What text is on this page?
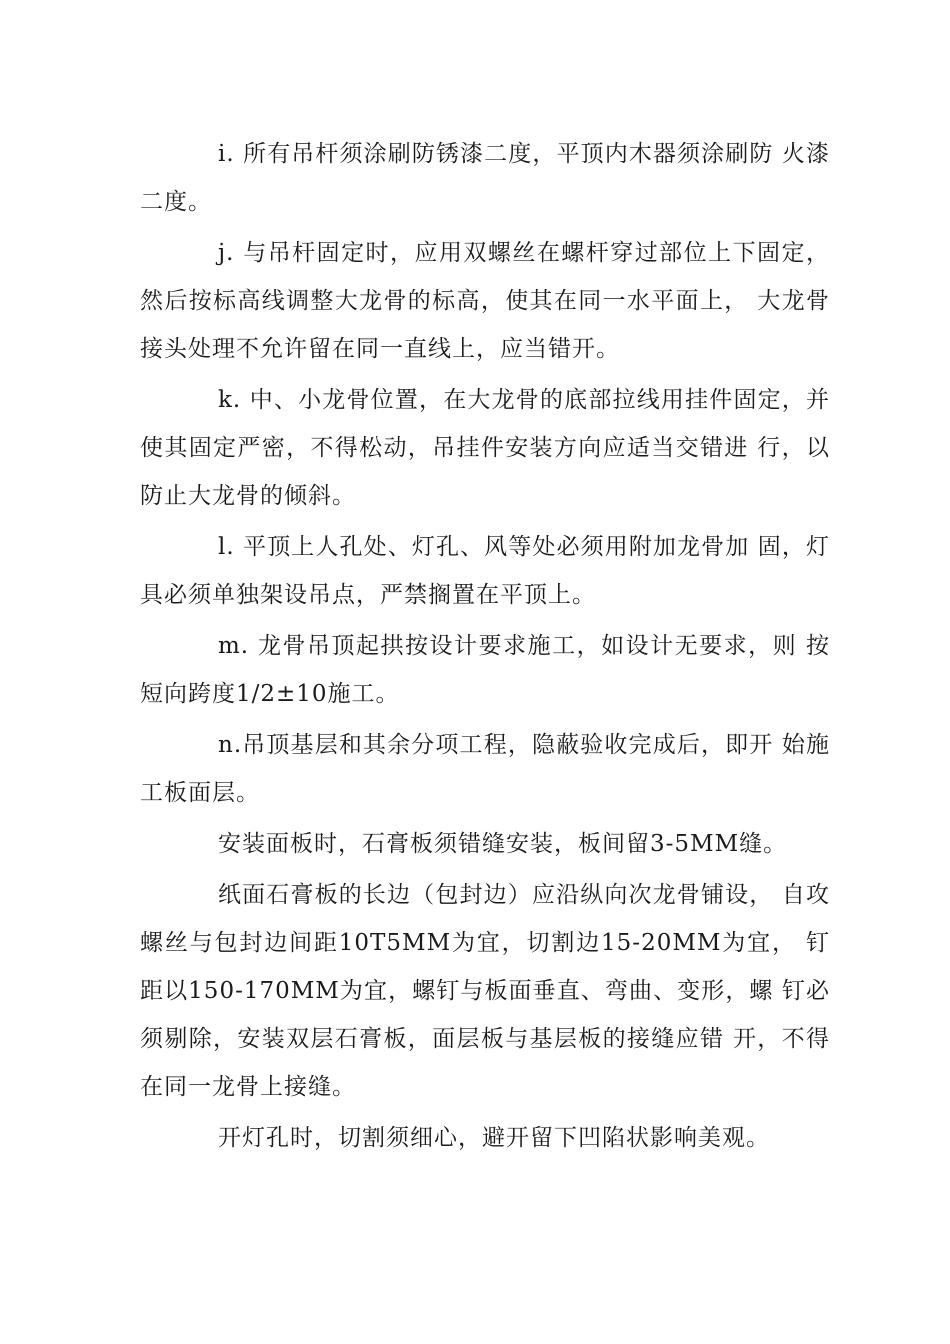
i. 所有吊杆须涂刷防锈漆二度，平顶内木器须涂刷防 火漆二度。

j. 与吊杆固定时，应用双螺丝在螺杆穿过部位上下固定，然后按标高线调整大龙骨的标高，使其在同一水平面上， 大龙骨接头处理不允许留在同一直线上，应当错开。

k. 中、小龙骨位置，在大龙骨的底部拉线用挂件固定，并使其固定严密，不得松动，吊挂件安装方向应适当交错进 行，以防止大龙骨的倾斜。

l. 平顶上人孔处、灯孔、风等处必须用附加龙骨加 固，灯具必须单独架设吊点，严禁搁置在平顶上。

m. 龙骨吊顶起拱按设计要求施工，如设计无要求，则 按短向跨度1/2±10施工。

n.吊顶基层和其余分项工程，隐蔽验收完成后，即开 始施工板面层。

安装面板时，石膏板须错缝安装，板间留3-5MM缝。

纸面石膏板的长边（包封边）应沿纵向次龙骨铺设， 自攻螺丝与包封边间距10T5MM为宜，切割边15-20MM为宜， 钉距以150-170MM为宜，螺钉与板面垂直、弯曲、变形，螺 钉必须剔除，安装双层石膏板，面层板与基层板的接缝应错 开，不得在同一龙骨上接缝。

开灯孔时，切割须细心，避开留下凹陷状影响美观。
